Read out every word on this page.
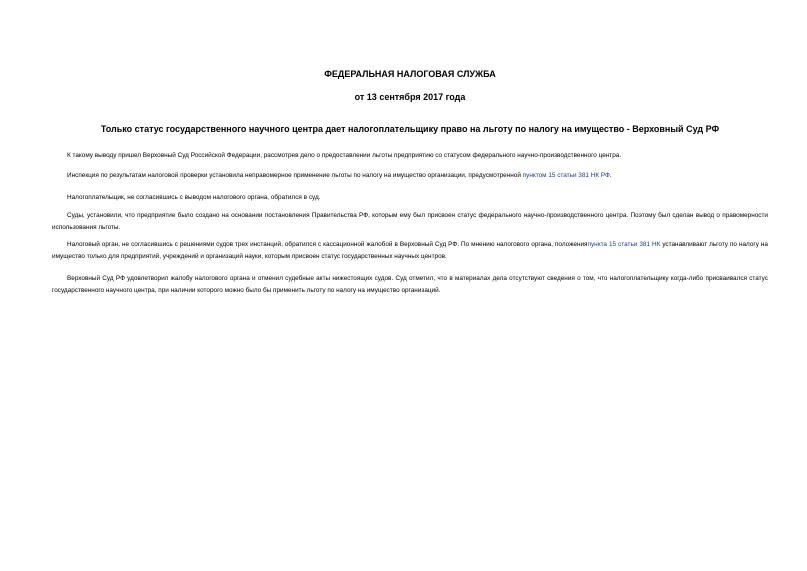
ФЕДЕРАЛЬНАЯ НАЛОГОВАЯ СЛУЖБА
от 13 сентября 2017 года
Только статус государственного научного центра дает налогоплательщику право на льготу по налогу на имущество - Верховный Суд РФ

К такому выводу пришел Верховный Суд Российской Федерации, рассмотрев дело о предоставлении льготы предприятию со статусом федерального научно-производственного центра.

Инспекция по результатам налоговой проверки установила неправомерное применение льготы по налогу на имущество организации, предусмотренной пунктом 15 статьи 381 НК РФ.

Налогоплательщик, не согласившись с выводом налогового органа, обратился в суд.

Суды, установили, что предприятие было создано на основании постановления Правительства РФ, которым ему был присвоен статус федерального научно-производственного центра. Поэтому был сделан вывод о правомерности использования льготы.

Налоговый орган, не согласившись с решениями судов трех инстанций, обратился с кассационной жалобой в Верховный Суд РФ. По мнению налогового органа, положенияпункта 15 статьи 381 НК устанавливают льготу по налогу на имущество только для предприятий, учреждений и организаций науки, которым присвоен статус государственных научных центров.

Верховный Суд РФ удовлетворил жалобу налогового органа и отменил судебные акты нижестоящих судов. Суд отметил, что в материалах дела отсутствуют сведения о том, что налогоплательщику когда-либо присваивался статус государственного научного центра, при наличии которого можно было бы применить льготу по налогу на имущество организаций.
